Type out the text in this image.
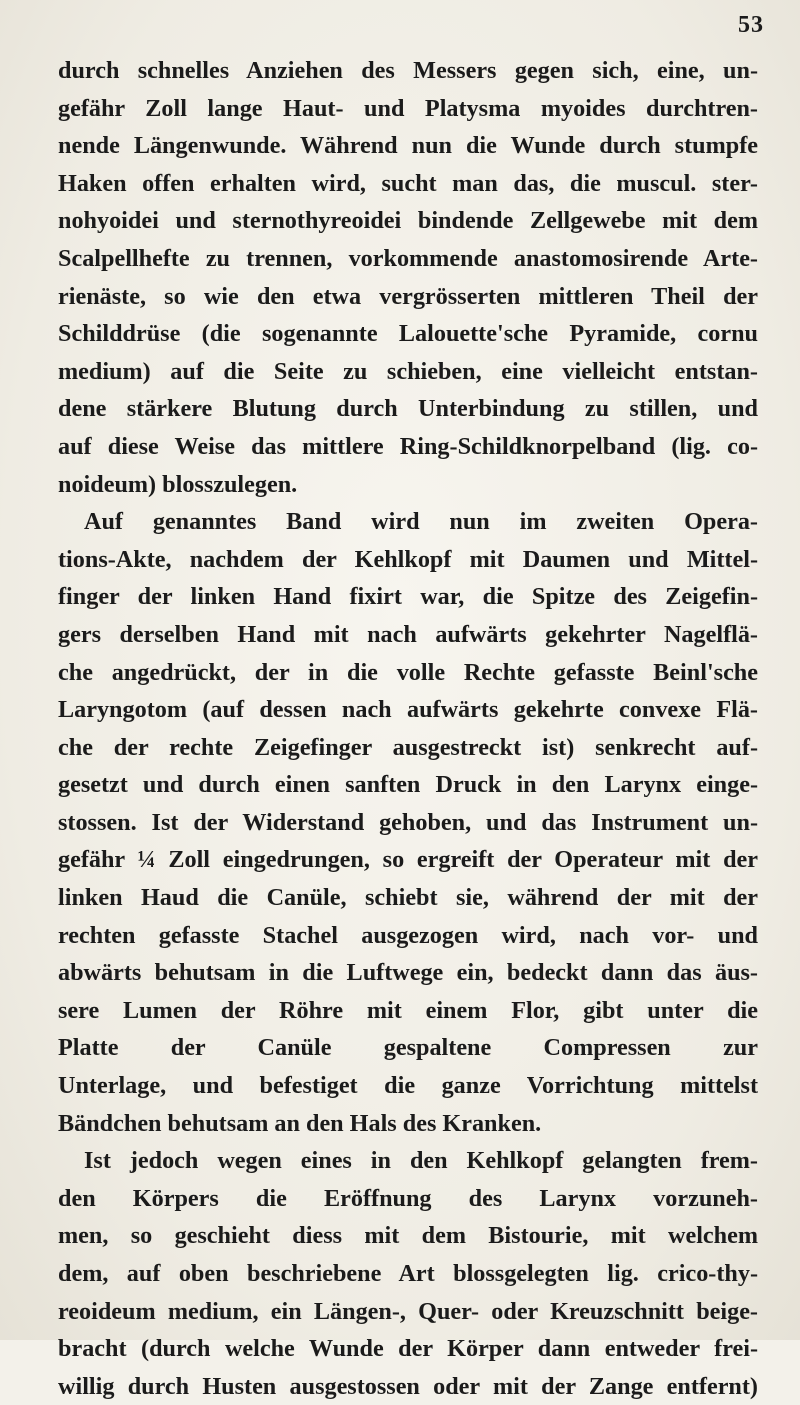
53
durch schnelles Anziehen des Messers gegen sich, eine, un-
gefähr Zoll lange Haut- und Platysma myoides durchtren-
nende Längenwunde. Während nun die Wunde durch stumpfe
Haken offen erhalten wird, sucht man das, die muscul. ster-
nohyoidei und sternothyreoidei bindende Zellgewebe mit dem
Scalpellhefte zu trennen, vorkommende anastomosirende Arte-
rienäste, so wie den etwa vergrösserten mittleren Theil der
Schilddrüse (die sogenannte Lalouette'sche Pyramide, cornu
medium) auf die Seite zu schieben, eine vielleicht entstan-
dene stärkere Blutung durch Unterbindung zu stillen, und
auf diese Weise das mittlere Ring-Schildknorpelband (lig. co-
noideum) blosszulegen.
Auf genanntes Band wird nun im zweiten Opera-
tions-Akte, nachdem der Kehlkopf mit Daumen und Mittel-
finger der linken Hand fixirt war, die Spitze des Zeigefin-
gers derselben Hand mit nach aufwärts gekehrter Nagelflä-
che angedrückt, der in die volle Rechte gefasste Beinl'sche
Laryngotom (auf dessen nach aufwärts gekehrte convexe Flä-
che der rechte Zeigefinger ausgestreckt ist) senkrecht auf-
gesetzt und durch einen sanften Druck in den Larynx einge-
stossen. Ist der Widerstand gehoben, und das Instrument un-
gefähr ¼ Zoll eingedrungen, so ergreift der Operateur mit der
linken Haud die Canüle, schiebt sie, während der mit der
rechten gefasste Stachel ausgezogen wird, nach vor- und
abwärts behutsam in die Luftwege ein, bedeckt dann das äus-
sere Lumen der Röhre mit einem Flor, gibt unter die
Platte der Canüle gespaltene Compressen zur
Unterlage, und befestiget die ganze Vorrichtung mittelst
Bändchen behutsam an den Hals des Kranken.
Ist jedoch wegen eines in den Kehlkopf gelangten frem-
den Körpers die Eröffnung des Larynx vorzuneh-
men, so geschieht diess mit dem Bistourie, mit welchem
dem, auf oben beschriebene Art blossgelegten lig. crico-thy-
reoideum medium, ein Längen-, Quer- oder Kreuzschnitt beige-
bracht (durch welche Wunde der Körper dann entweder frei-
willig durch Husten ausgestossen oder mit der Zange entfernt)
